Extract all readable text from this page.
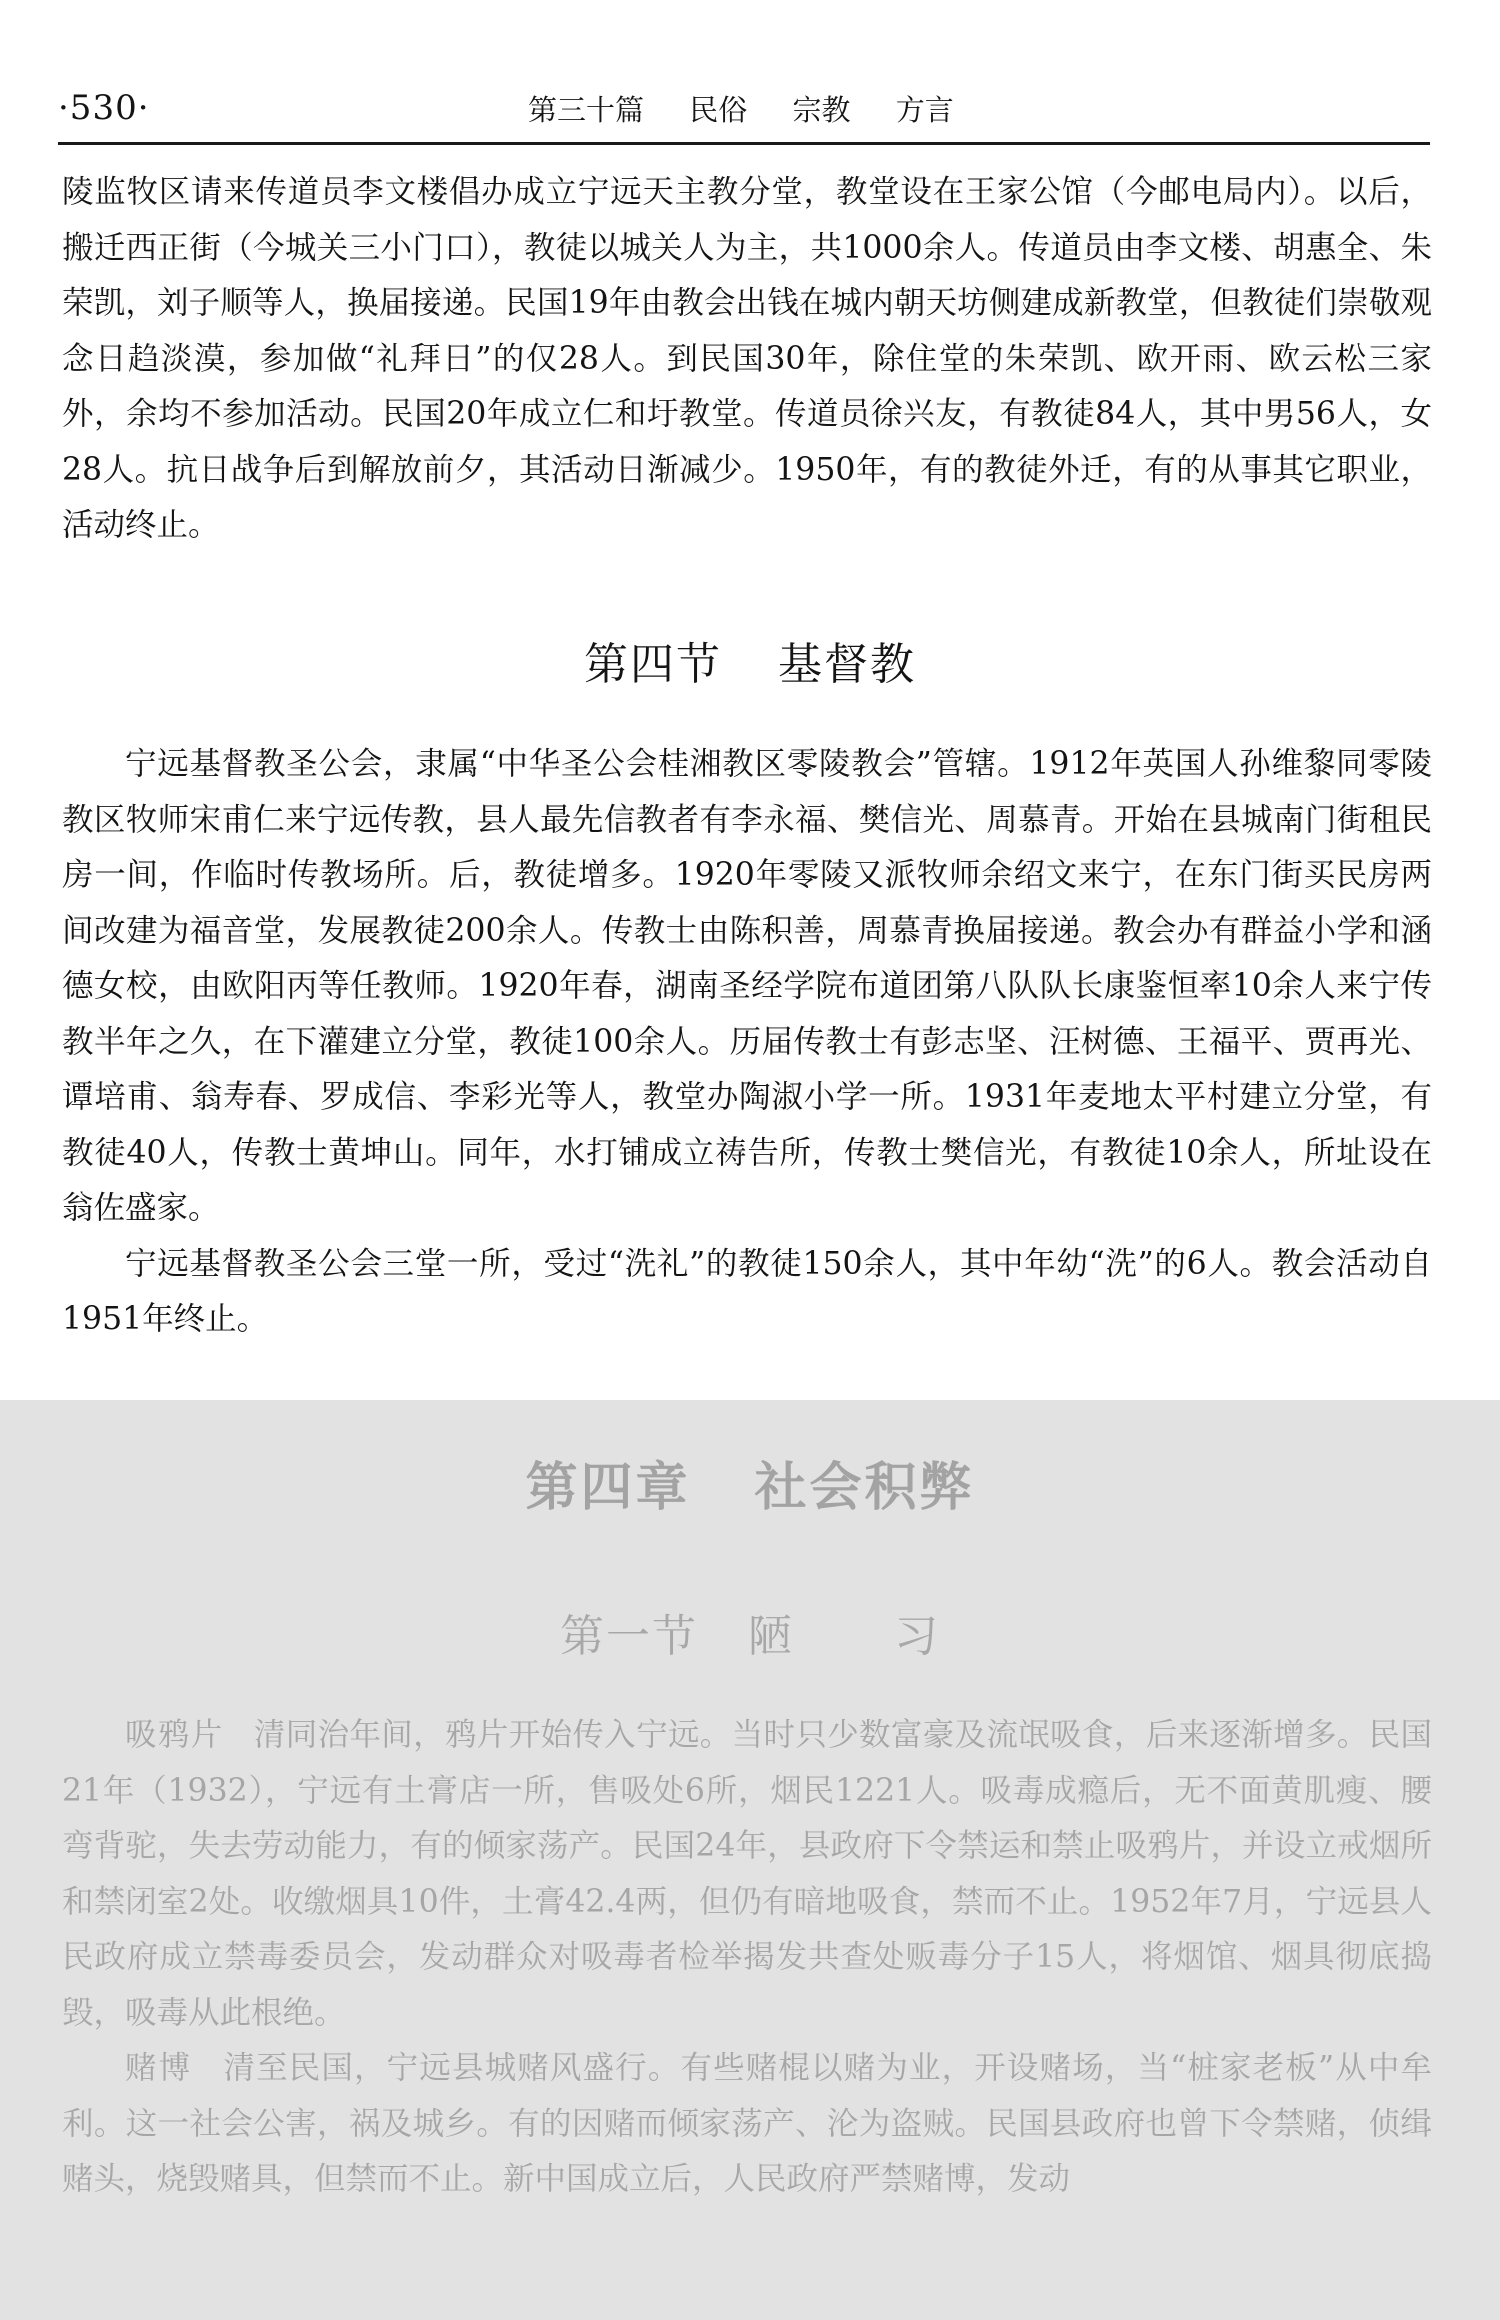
·530·	第三十篇 民俗 宗教 方言

陵监牧区请来传道员李文楼倡办成立宁远天主教分堂，教堂设在王家公馆（今邮电局内）。以后，搬迁西正街（今城关三小门口），教徒以城关人为主，共1000余人。传道员由李文楼、胡惠全、朱荣凯，刘子顺等人，换届接递。民国19年由教会出钱在城内朝天坊侧建成新教堂，但教徒们崇敬观念日趋淡漠，参加做“礼拜日”的仅28人。到民国30年，除住堂的朱荣凯、欧开雨、欧云松三家外，余均不参加活动。民国20年成立仁和圩教堂。传道员徐兴友，有教徒84人，其中男56人，女28人。抗日战争后到解放前夕，其活动日渐减少。1950年，有的教徒外迁，有的从事其它职业，活动终止。

第四节 基督教

宁远基督教圣公会，隶属“中华圣公会桂湘教区零陵教会”管辖。1912年英国人孙维黎同零陵教区牧师宋甫仁来宁远传教，县人最先信教者有李永福、樊信光、周慕青。开始在县城南门街租民房一间，作临时传教场所。后，教徒增多。1920年零陵又派牧师余绍文来宁，在东门街买民房两间改建为福音堂，发展教徒200余人。传教士由陈积善，周慕青换届接递。教会办有群益小学和涵德女校，由欧阳丙等任教师。1920年春，湖南圣经学院布道团第八队队长康鉴恒率10余人来宁传教半年之久，在下灌建立分堂，教徒100余人。历届传教士有彭志坚、汪树德、王福平、贾再光、谭培甫、翁寿春、罗成信、李彩光等人，教堂办陶淑小学一所。1931年麦地太平村建立分堂，有教徒40人，传教士黄坤山。同年，水打铺成立祷告所，传教士樊信光，有教徒10余人，所址设在翁佐盛家。

宁远基督教圣公会三堂一所，受过“洗礼”的教徒150余人，其中年幼“洗”的6人。教会活动自1951年终止。

第四章 社会积弊
第一节 陋 习

吸鸦片 清同治年间，鸦片开始传入宁远。当时只少数富豪及流氓吸食，后来逐渐增多。民国21年（1932），宁远有土膏店一所，售吸处6所，烟民1221人。吸毒成瘾后，无不面黄肌瘦、腰弯背驼，失去劳动能力，有的倾家荡产。民国24年，县政府下令禁运和禁止吸鸦片，并设立戒烟所和禁闭室2处。收缴烟具10件，土膏42.4两，但仍有暗地吸食，禁而不止。1952年7月，宁远县人民政府成立禁毒委员会，发动群众对吸毒者检举揭发共查处贩毒分子15人，将烟馆、烟具彻底捣毁，吸毒从此根绝。

赌博 清至民国，宁远县城赌风盛行。有些赌棍以赌为业，开设赌场，当“桩家老板”从中牟利。这一社会公害，祸及城乡。有的因赌而倾家荡产、沦为盗贼。民国县政府也曾下令禁赌，侦缉赌头，烧毁赌具，但禁而不止。新中国成立后，人民政府严禁赌博，发动
